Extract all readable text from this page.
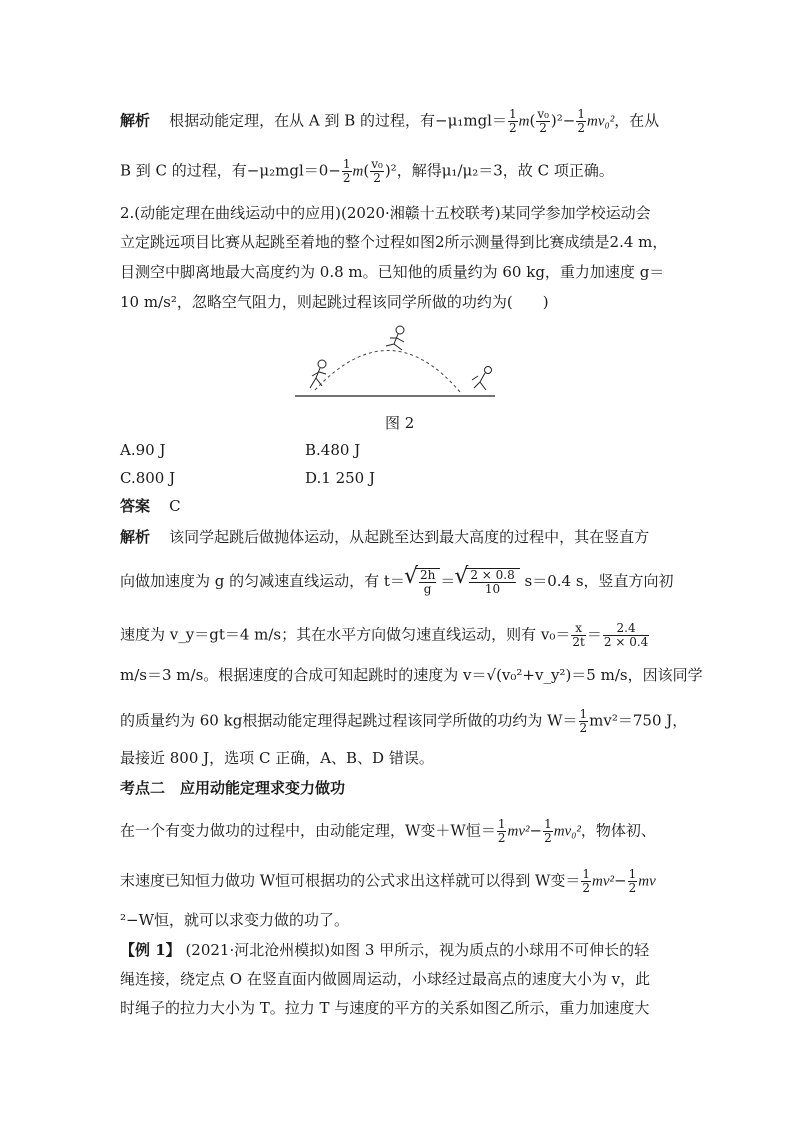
解析 根据动能定理，在从 A 到 B 的过程，有$-\mu_1mgl= \frac{1}{2} m( \frac{\text{v₀}}{2} )^2- \frac{1}{2} mv_0^2$，在从
B 到 C 的过程，有$-\mu_2mgl=0- \frac{1}{2} m( \frac{\text{v₀}}{2} )^2$，解得μ₁/μ₂＝3，故 C 项正确。
2.(动能定理在曲线运动中的应用)(2020·湘赣十五校联考)某同学参加学校运动会
立定跳远项目比赛从起跳至着地的整个过程如图2所示测量得到比赛成绩是2.4 m，
目测空中脚离地最大高度约为 0.8 m。已知他的质量约为 60 kg，重力加速度 g＝
10 m/s²，忽略空气阻力，则起跳过程该同学所做的功约为(　　)
图 2
A.90 J	B.480 J
C.800 J	D.1 250 J
答案 C
解析 该同学起跳后做抛体运动，从起跳至达到最大高度的过程中，其在竖直方
向做加速度为 g 的匀减速直线运动，有 t＝ √ $\frac{2h}{g}$ ＝ √ $\frac{2 \times 0.8}{10} s=0.4$ s，竖直方向初
速度为 v_y＝gt＝4 m/s；其在水平方向做匀速直线运动，则有 $v_0= \frac{x}{2t} = \frac{2.4}{2 \times 0.4}$
m/s＝3 m/s。根据速度的合成可知起跳时的速度为 v＝√(v₀²+v_y²)＝5 m/s，因该同学
的质量约为 60 kg根据动能定理得起跳过程该同学所做的功约为 $W= \frac{1}{2} mv^2=750$ J，
最接近 800 J，选项 C 正确，A、B、D 错误。
考点二　应用动能定理求变力做功
在一个有变力做功的过程中，由动能定理，W变＋W恒＝ $\frac{1}{2} mv^2- \frac{1}{2} mv_0^2$，物体初、
末速度已知恒力做功 W恒可根据功的公式求出这样就可以得到 W变＝ $\frac{1}{2} mv^2- \frac{1}{2}$ mv
²−W恒，就可以求变力做的功了。
【例 1】 (2021·河北沧州模拟)如图 3 甲所示，视为质点的小球用不可伸长的轻
绳连接，绕定点 O 在竖直面内做圆周运动，小球经过最高点的速度大小为 v，此
时绳子的拉力大小为 T。拉力 T 与速度的平方的关系如图乙所示，重力加速度大
